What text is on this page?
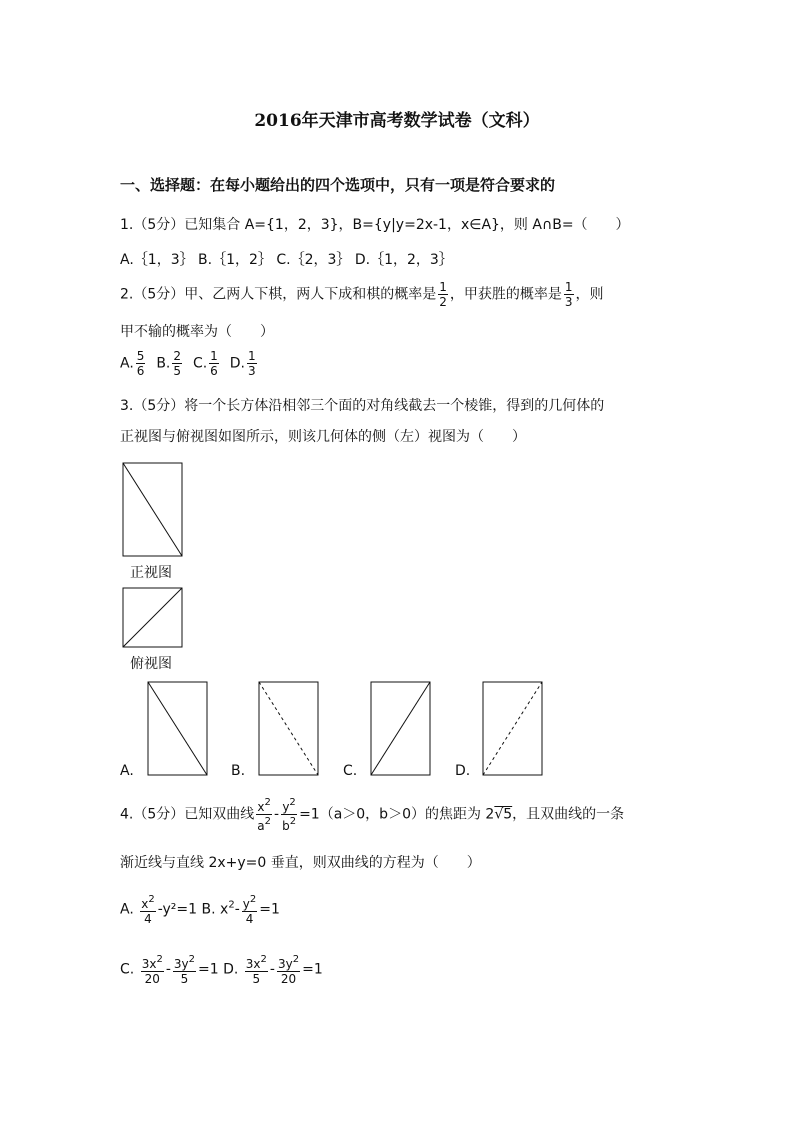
2016年天津市高考数学试卷（文科）
一、选择题：在每小题给出的四个选项中，只有一项是符合要求的
1.（5分）已知集合 A={1，2，3}，B={y|y=2x-1，x∈A}，则 A∩B=（　　）
A.｛1，3｝ B.｛1，2｝ C.｛2，3｝ D.｛1，2，3｝
2.（5分）甲、乙两人下棋，两人下成和棋的概率是 $\frac{1}{2}$ ，甲获胜的概率是 $\frac{1}{3}$ ，则
甲不输的概率为（　　）
A. $\frac{5}{6} B$. $\frac{2}{5} C$. $\frac{1}{6} D$. $\frac{1}{3}$
3.（5分）将一个长方体沿相邻三个面的对角线截去一个棱锥，得到的几何体的
正视图与俯视图如图所示，则该几何体的侧（左）视图为（　　）
正视图
俯视图
A.	B.	C.	D.
4.（5分）已知双曲线 $\frac{x^2}{a^2} - \frac{y^2}{b^2} =1(a>0$，b＞0）的焦距为 2√5，且双曲线的一条
渐近线与直线 2x+y=0 垂直，则双曲线的方程为（　　）
A. $\frac{x^2}{4} -y^2=1$ B. $x^2- \frac{y^2}{4} =1$
C. $\frac{3x^2}{20} - \frac{3y^2}{5} =1$ D. $\frac{3x^2}{5} - \frac{3y^2}{20} =1$
